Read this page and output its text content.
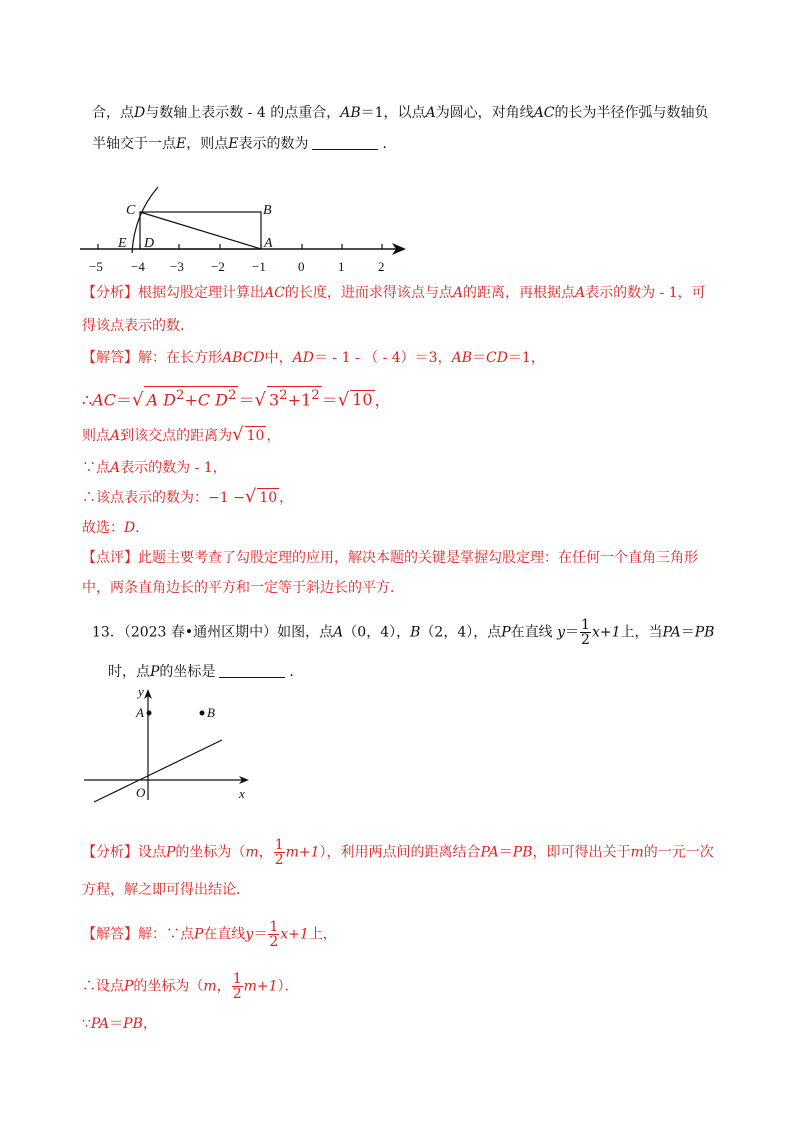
合，点D与数轴上表示数 - 4 的点重合，AB＝1，以点A为圆心，对角线AC的长为半径作弧与数轴负
半轴交于一点E，则点E表示的数为	．
C	B
E D	A
−5 −4 −3 −2 −1 0	1	2
【分析】根据勾股定理计算出AC的长度，进而求得该点与点A的距离，再根据点A表示的数为 - 1，可
得该点表示的数．
【解答】解：在长方形ABCD中，AD＝ - 1 - （ - 4）＝3，AB＝CD＝1，
∴AC＝√ A $D^2+C$ $D^2$ ＝√ $3^2+1^2$ ＝√ 10 ，
则点A到该交点的距离为√ 10 ，
∵点A表示的数为 - 1，
∴该点表示的数为：−1 −√ 10 ，
故选：D．
【点评】此题主要考查了勾股定理的应用，解决本题的关键是掌握勾股定理：在任何一个直角三角形
中，两条直角边长的平方和一定等于斜边长的平方．
13．（2023 春•通州区期中）如图，点A（0，4），B（2，4），点P在直线 $y= \frac{1}{2} x+1$上，当PA＝PB
时，点P的坐标是	．
y
A	B
O	x
【分析】设点P的坐标为（m， $\frac{1}{2} m+1$），利用两点间的距离结合PA＝PB，即可得出关于m的一元一次
方程，解之即可得出结论．
【解答】解：∵点P在直线$y= \frac{1}{2} x+1$上，
∴设点P的坐标为（m， $\frac{1}{2} m+1$）．
∵PA＝PB，
